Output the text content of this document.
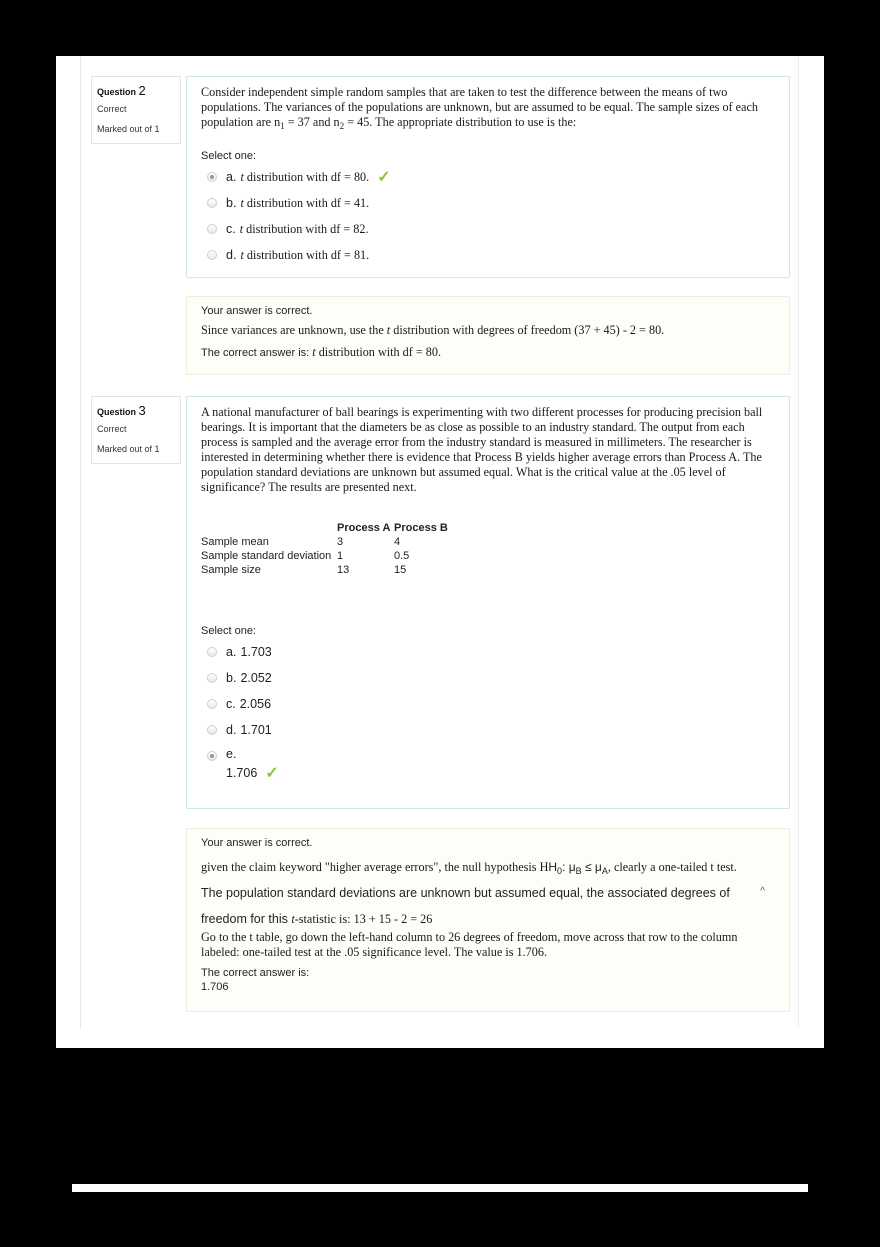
Question 2
Correct
Marked out of 1
Consider independent simple random samples that are taken to test the difference between the means of two populations. The variances of the populations are unknown, but are assumed to be equal. The sample sizes of each population are $n_1 = 37$ and $n_2 = 45$. The appropriate distribution to use is the:
Select one:
a. t distribution with df = 80. ✓
b. t distribution with df = 41.
c. t distribution with df = 82.
d. t distribution with df = 81.
Your answer is correct.
Since variances are unknown, use the t distribution with degrees of freedom (37 + 45) - 2 = 80.
The correct answer is: t distribution with df = 80.
Question 3
Correct
Marked out of 1
A national manufacturer of ball bearings is experimenting with two different processes for producing precision ball bearings. It is important that the diameters be as close as possible to an industry standard. The output from each process is sampled and the average error from the industry standard is measured in millimeters. The researcher is interested in determining whether there is evidence that Process B yields higher average errors than Process A. The population standard deviations are unknown but assumed equal. What is the critical value at the .05 level of significance? The results are presented next.
	Process A	Process B
Sample mean	3	4
Sample standard deviation	1	0.5
Sample size	13	15
Select one:
a. 1.703
b. 2.052
c. 2.056
d. 1.701
e.
1.706 ✓
Your answer is correct.
given the claim keyword "higher average errors", the null hypothesis $HH_0$: $\mu_B \le \mu_A$, clearly a one-tailed t test.
The population standard deviations are unknown but assumed equal, the associated degrees of	^
freedom for this t-statistic is: 13 + 15 - 2 = 26
Go to the t table, go down the left-hand column to 26 degrees of freedom, move across that row to the column labeled: one-tailed test at the .05 significance level. The value is 1.706.
The correct answer is:
1.706
